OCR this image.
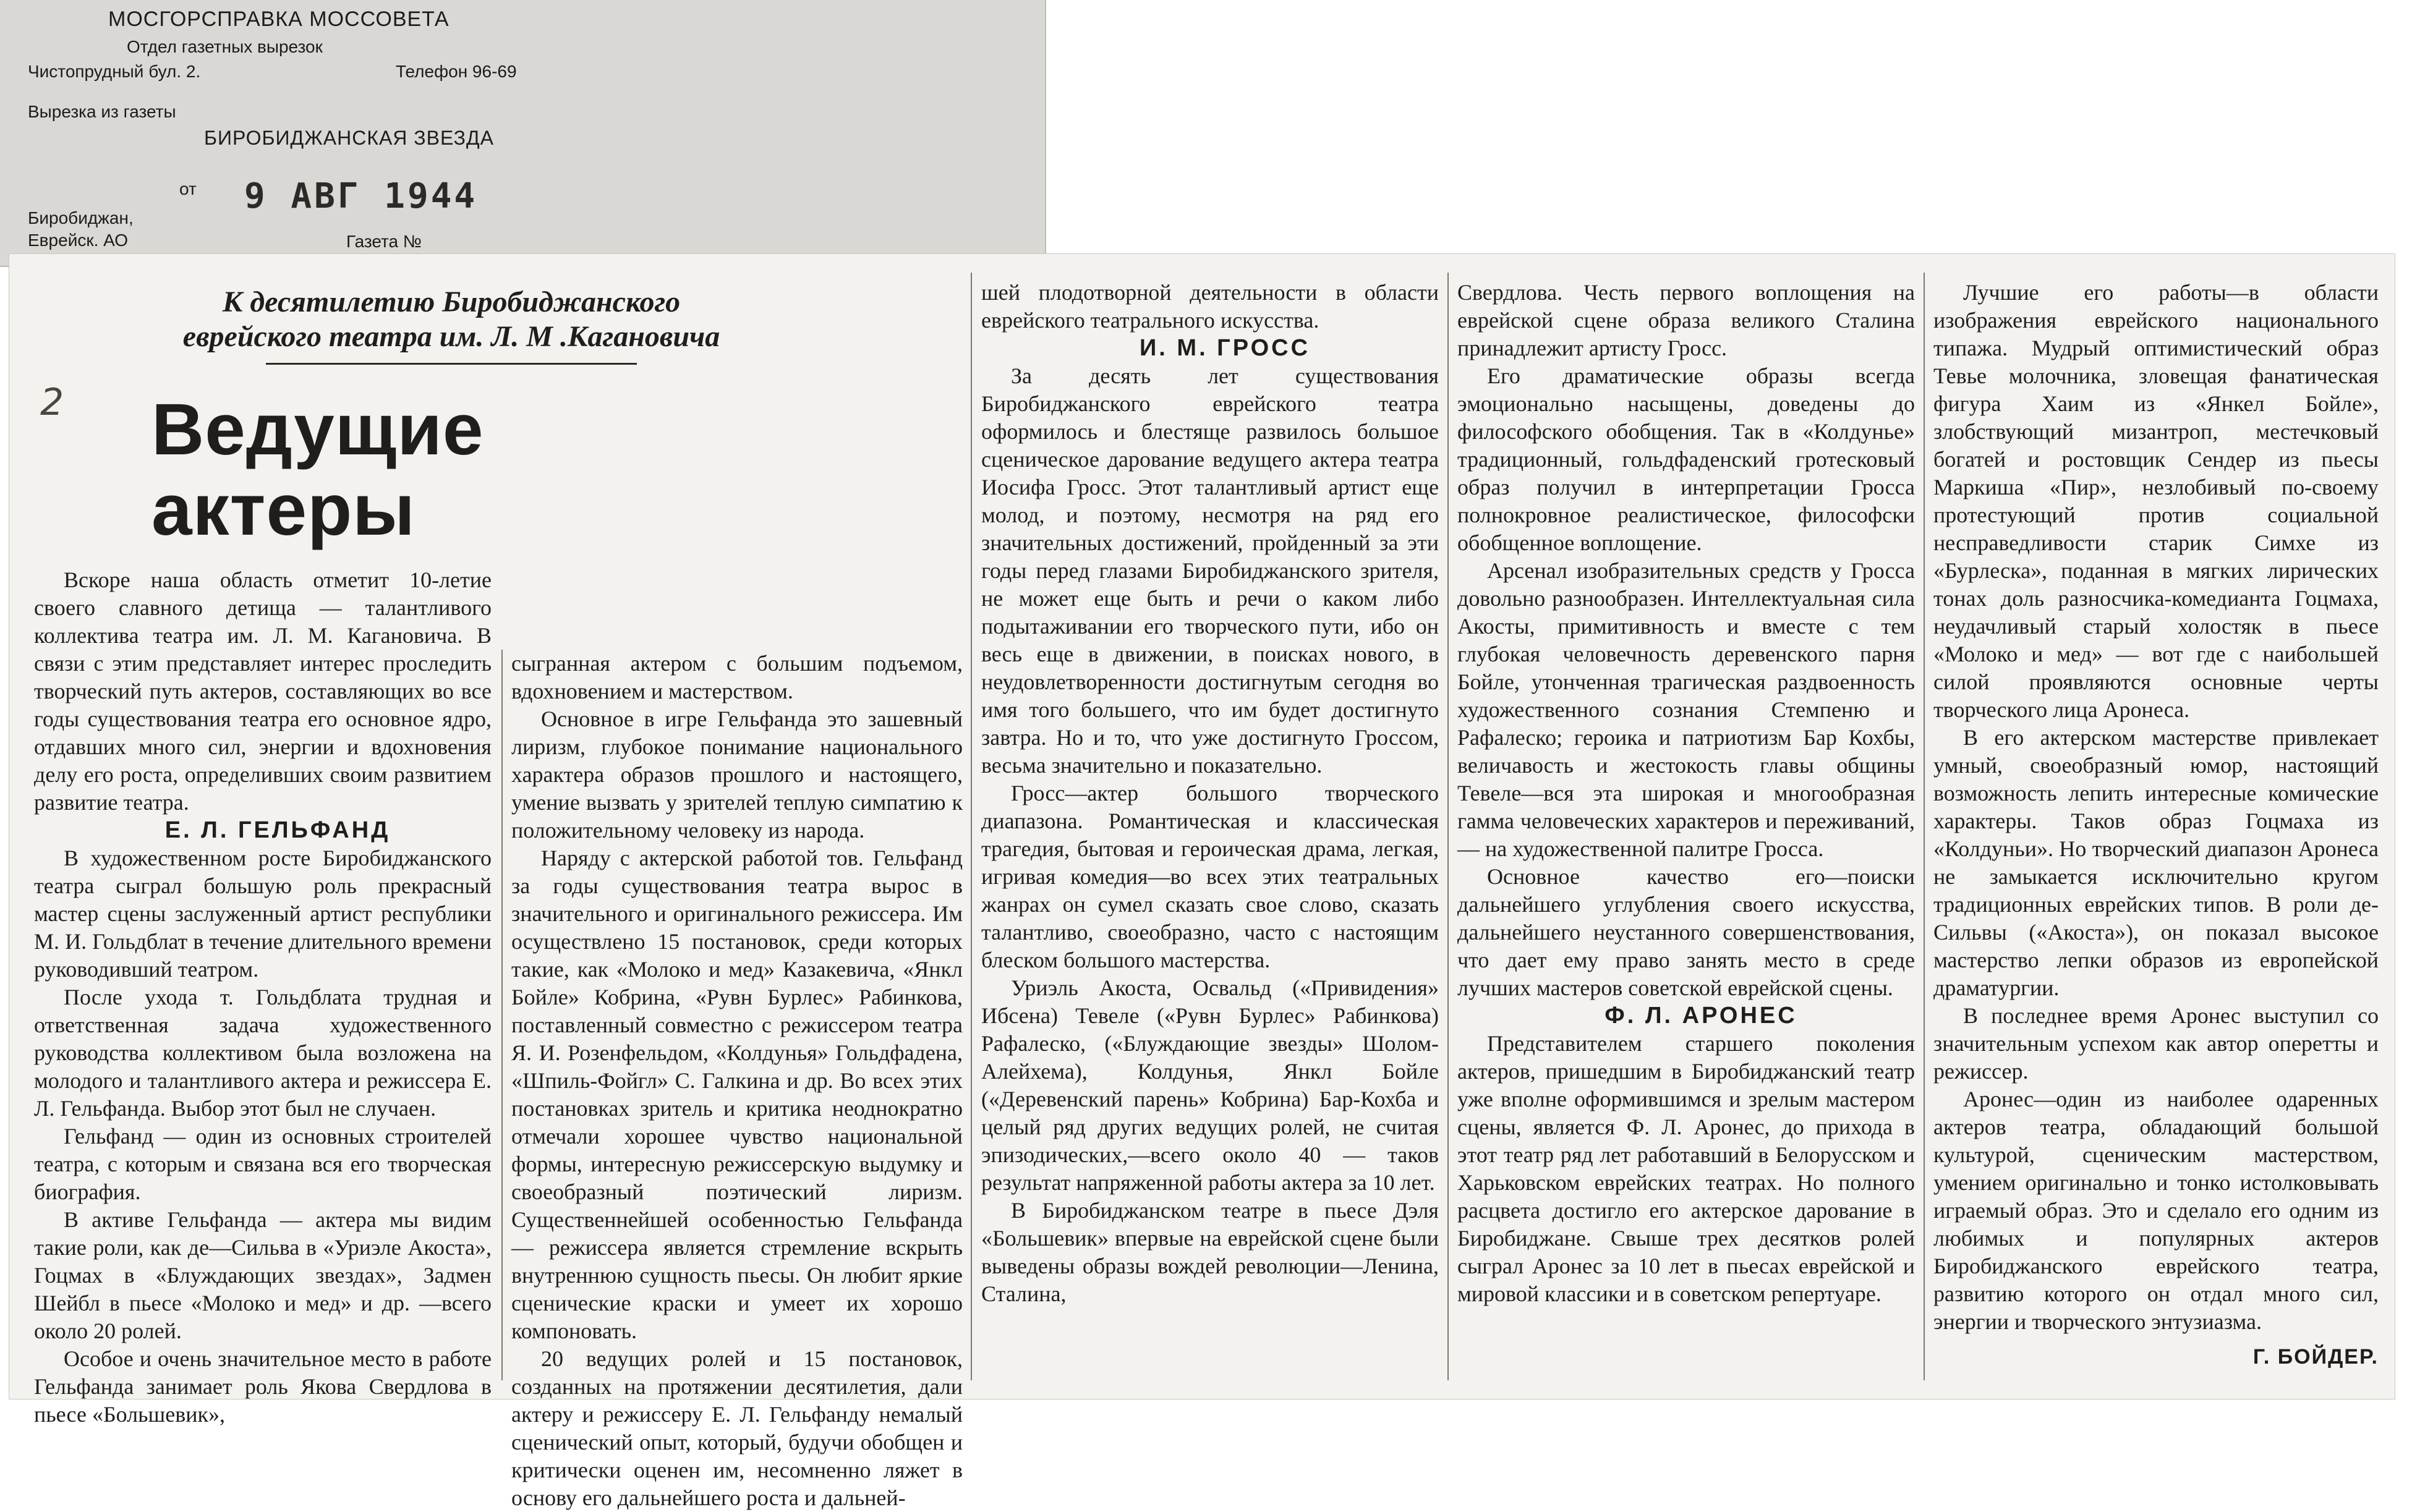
МОСГОРСПРАВКА МОССОВЕТА
Отдел газетных вырезок
Чистопрудный бул. 2.	Телефон 96-69
Вырезка из газеты
БИРОБИДЖАНСКАЯ ЗВЕЗДА
от 9 АВГ 1944
Биробиджан,
Еврейск. АО	Газета №
2
К десятилетию Биробиджанского
еврейского театра им. Л. М .Кагановича
Ведущие актеры

Вскоре наша область отметит 10-летие своего славного детища — талантливого коллектива театра им. Л. М. Кагановича. В связи с этим представляет интерес проследить творческий путь актеров, составляющих во все годы существования театра его основное ядро, отдавших много сил, энергии и вдохновения делу его роста, определивших своим развитием развитие театра.

Е. Л. ГЕЛЬФАНД

В художественном росте Биробиджанского театра сыграл большую роль прекрасный мастер сцены заслуженный артист республики М. И. Гольдблат в течение длительного времени руководивший театром.

После ухода т. Гольдблата трудная и ответственная задача художественного руководства коллективом была возложена на молодого и талантливого актера и режиссера Е. Л. Гельфанда. Выбор этот был не случаен.

Гельфанд — один из основных строителей театра, с которым и связана вся его творческая биография.

В активе Гельфанда — актера мы видим такие роли, как де—Сильва в «Уриэле Акоста», Гоцмах в «Блуждающих звездах», Задмен Шейбл в пьесе «Молоко и мед» и др. —всего около 20 ролей.

Особое и очень значительное место в работе Гельфанда занимает роль Якова Свердлова в пьесе «Большевик»,

сыгранная актером с большим подъемом, вдохновением и мастерством.

Основное в игре Гельфанда это зашевный лиризм, глубокое понимание национального характера образов прошлого и настоящего, умение вызвать у зрителей теплую симпатию к положительному человеку из народа.

Наряду с актерской работой тов. Гельфанд за годы существования театра вырос в значительного и оригинального режиссера. Им осуществлено 15 постановок, среди которых такие, как «Молоко и мед» Казакевича, «Янкл Бойле» Кобрина, «Рувн Бурлес» Рабинкова, поставленный совместно с режиссером театра Я. И. Розенфельдом, «Колдунья» Гольдфадена, «Шпиль-Фойгл» С. Галкина и др. Во всех этих постановках зритель и критика неоднократно отмечали хорошее чувство национальной формы, интересную режиссерскую выдумку и своеобразный поэтический лиризм. Существеннейшей особенностью Гельфанда — режиссера является стремление вскрыть внутреннюю сущность пьесы. Он любит яркие сценические краски и умеет их хорошо компоновать.

20 ведущих ролей и 15 постановок, созданных на протяжении десятилетия, дали актеру и режиссеру Е. Л. Гельфанду немалый сценический опыт, который, будучи обобщен и критически оценен им, несомненно ляжет в основу его дальнейшего роста и дальней-

шей плодотворной деятельности в области еврейского театрального искусства.

И. М. ГРОСС

За десять лет существования Биробиджанского еврейского театра оформилось и блестяще развилось большое сценическое дарование ведущего актера театра Иосифа Гросс. Этот талантливый артист еще молод, и поэтому, несмотря на ряд его значительных достижений, пройденный за эти годы перед глазами Биробиджанского зрителя, не может еще быть и речи о каком либо подытаживании его творческого пути, ибо он весь еще в движении, в поисках нового, в неудовлетворенности достигнутым сегодня во имя того большего, что им будет достигнуто завтра. Но и то, что уже достигнуто Гроссом, весьма значительно и показательно.

Гросс—актер большого творческого диапазона. Романтическая и классическая трагедия, бытовая и героическая драма, легкая, игривая комедия—во всех этих театральных жанрах он сумел сказать свое слово, сказать талантливо, своеобразно, часто с настоящим блеском большого мастерства.

Уриэль Акоста, Освальд («Привидения» Ибсена) Тевеле («Рувн Бурлес» Рабинкова) Рафалеско, («Блуждающие звезды» Шолом-Алейхема), Колдунья, Янкл Бойле («Деревенский парень» Кобрина) Бар-Кохба и целый ряд других ведущих ролей, не считая эпизодических,—всего около 40 — таков результат напряженной работы актера за 10 лет.

В Биробиджанском театре в пьесе Дэля «Большевик» впервые на еврейской сцене были выведены образы вождей революции—Ленина, Сталина,

Свердлова. Честь первого воплощения на еврейской сцене образа великого Сталина принадлежит артисту Гросс.

Его драматические образы всегда эмоционально насыщены, доведены до философского обобщения. Так в «Колдунье» традиционный, гольдфаденский гротесковый образ получил в интерпретации Гросса полнокровное реалистическое, философски обобщенное воплощение.

Арсенал изобразительных средств у Гросса довольно разнообразен. Интеллектуальная сила Акосты, примитивность и вместе с тем глубокая человечность деревенского парня Бойле, утонченная трагическая раздвоенность художественного сознания Стемпеню и Рафалеско; героика и патриотизм Бар Кохбы, величавость и жестокость главы общины Тевеле—вся эта широкая и многообразная гамма человеческих характеров и переживаний, — на художественной палитре Гросса.

Основное качество его—поиски дальнейшего углубления своего искусства, дальнейшего неустанного совершенствования, что дает ему право занять место в среде лучших мастеров советской еврейской сцены.

Ф. Л. АРОНЕС

Представителем старшего поколения актеров, пришедшим в Биробиджанский театр уже вполне оформившимся и зрелым мастером сцены, является Ф. Л. Аронес, до прихода в этот театр ряд лет работавший в Белорусском и Харьковском еврейских театрах. Но полного расцвета достигло его актерское дарование в Биробиджане. Свыше трех десятков ролей сыграл Аронес за 10 лет в пьесах еврейской и мировой классики и в советском репертуаре.

Лучшие его работы—в области изображения еврейского национального типажа. Мудрый оптимистический образ Тевье молочника, зловещая фанатическая фигура Хаим из «Янкел Бойле», злобствующий мизантроп, местечковый богатей и ростовщик Сендер из пьесы Маркиша «Пир», незлобивый по-своему протестующий против социальной несправедливости старик Симхе из «Бурлеска», поданная в мягких лирических тонах доль разносчика-комедианта Гоцмаха, неудачливый старый холостяк в пьесе «Молоко и мед» — вот где с наибольшей силой проявляются основные черты творческого лица Аронеса.

В его актерском мастерстве привлекает умный, своеобразный юмор, настоящий возможность лепить интересные комические характеры. Таков образ Гоцмаха из «Колдуньи». Но творческий диапазон Аронеса не замыкается исключительно кругом традиционных еврейских типов. В роли де-Сильвы («Акоста»), он показал высокое мастерство лепки образов из европейской драматургии.

В последнее время Аронес выступил со значительным успехом как автор оперетты и режиссер.

Аронес—один из наиболее одаренных актеров театра, обладающий большой культурой, сценическим мастерством, умением оригинально и тонко истолковывать играемый образ. Это и сделало его одним из любимых и популярных актеров Биробиджанского еврейского театра, развитию которого он отдал много сил, энергии и творческого энтузиазма.

Г. БОЙДЕР.
